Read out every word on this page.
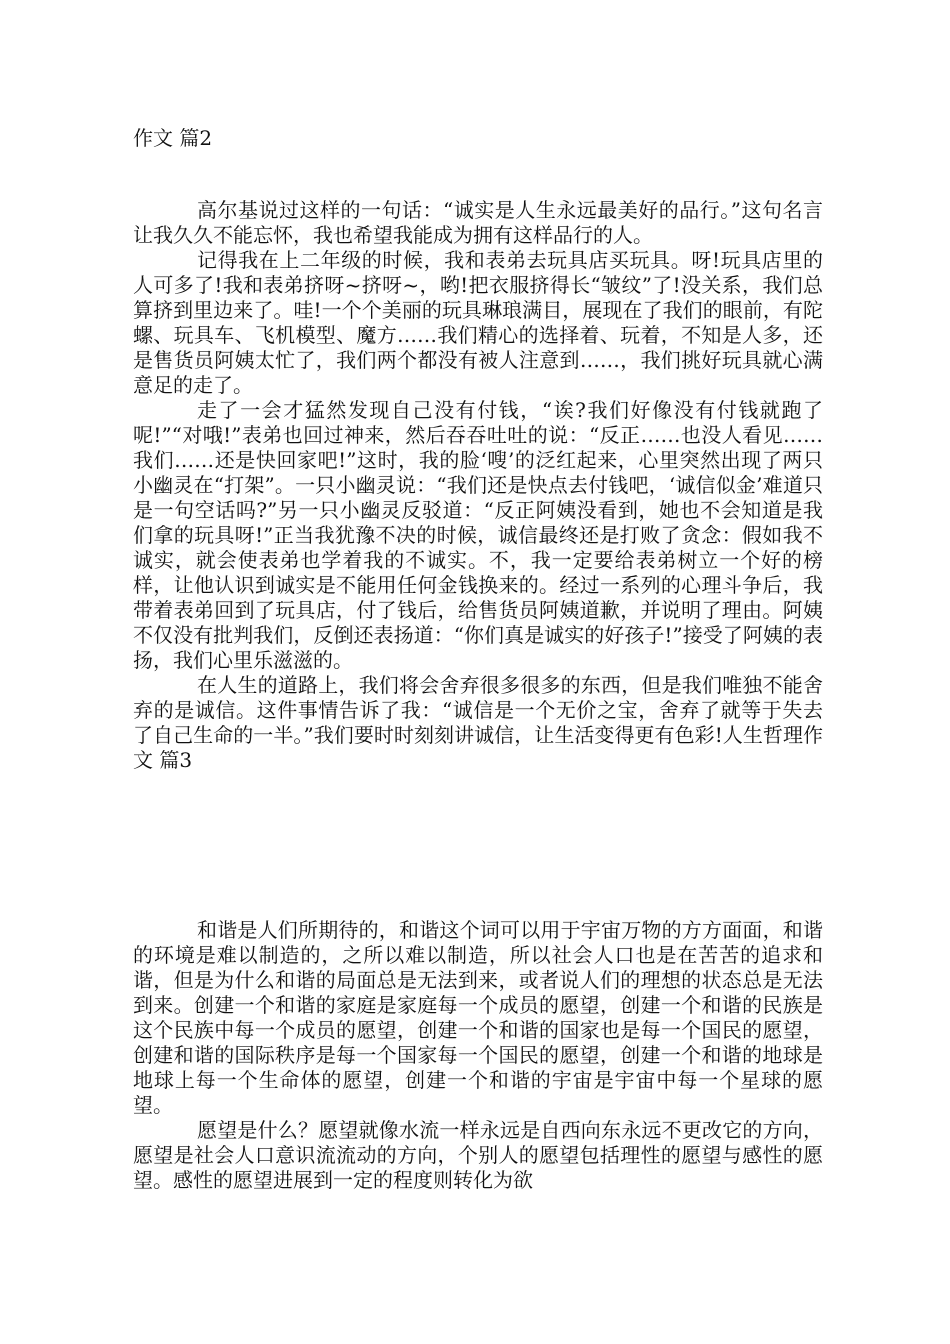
作文 篇2

高尔基说过这样的一句话：“诚实是人生永远最美好的品行。”这句名言让我久久不能忘怀，我也希望我能成为拥有这样品行的人。

记得我在上二年级的时候，我和表弟去玩具店买玩具。呀!玩具店里的人可多了!我和表弟挤呀~挤呀~，哟!把衣服挤得长“皱纹”了!没关系，我们总算挤到里边来了。哇!一个个美丽的玩具琳琅满目，展现在了我们的眼前，有陀螺、玩具车、飞机模型、魔方……我们精心的选择着、玩着，不知是人多，还是售货员阿姨太忙了，我们两个都没有被人注意到……，我们挑好玩具就心满意足的走了。

走了一会才猛然发现自己没有付钱，“诶?我们好像没有付钱就跑了呢!”“对哦!”表弟也回过神来，然后吞吞吐吐的说：“反正……也没人看见……我们……还是快回家吧!”这时，我的脸‘嗖’的泛红起来，心里突然出现了两只小幽灵在“打架”。一只小幽灵说：“我们还是快点去付钱吧，‘诚信似金’难道只是一句空话吗?”另一只小幽灵反驳道：“反正阿姨没看到，她也不会知道是我们拿的玩具呀!”正当我犹豫不决的时候，诚信最终还是打败了贪念：假如我不诚实，就会使表弟也学着我的不诚实。不，我一定要给表弟树立一个好的榜样，让他认识到诚实是不能用任何金钱换来的。经过一系列的心理斗争后，我带着表弟回到了玩具店，付了钱后，给售货员阿姨道歉，并说明了理由。阿姨不仅没有批判我们，反倒还表扬道：“你们真是诚实的好孩子!”接受了阿姨的表扬，我们心里乐滋滋的。

在人生的道路上，我们将会舍弃很多很多的东西，但是我们唯独不能舍弃的是诚信。这件事情告诉了我：“诚信是一个无价之宝，舍弃了就等于失去了自己生命的一半。”我们要时时刻刻讲诚信，让生活变得更有色彩!人生哲理作文 篇3

和谐是人们所期待的，和谐这个词可以用于宇宙万物的方方面面，和谐的环境是难以制造的，之所以难以制造，所以社会人口也是在苦苦的追求和谐，但是为什么和谐的局面总是无法到来，或者说人们的理想的状态总是无法到来。创建一个和谐的家庭是家庭每一个成员的愿望，创建一个和谐的民族是这个民族中每一个成员的愿望，创建一个和谐的国家也是每一个国民的愿望，创建和谐的国际秩序是每一个国家每一个国民的愿望，创建一个和谐的地球是地球上每一个生命体的愿望，创建一个和谐的宇宙是宇宙中每一个星球的愿望。

愿望是什么？愿望就像水流一样永远是自西向东永远不更改它的方向，愿望是社会人口意识流流动的方向，个别人的愿望包括理性的愿望与感性的愿望。感性的愿望进展到一定的程度则转化为欲
